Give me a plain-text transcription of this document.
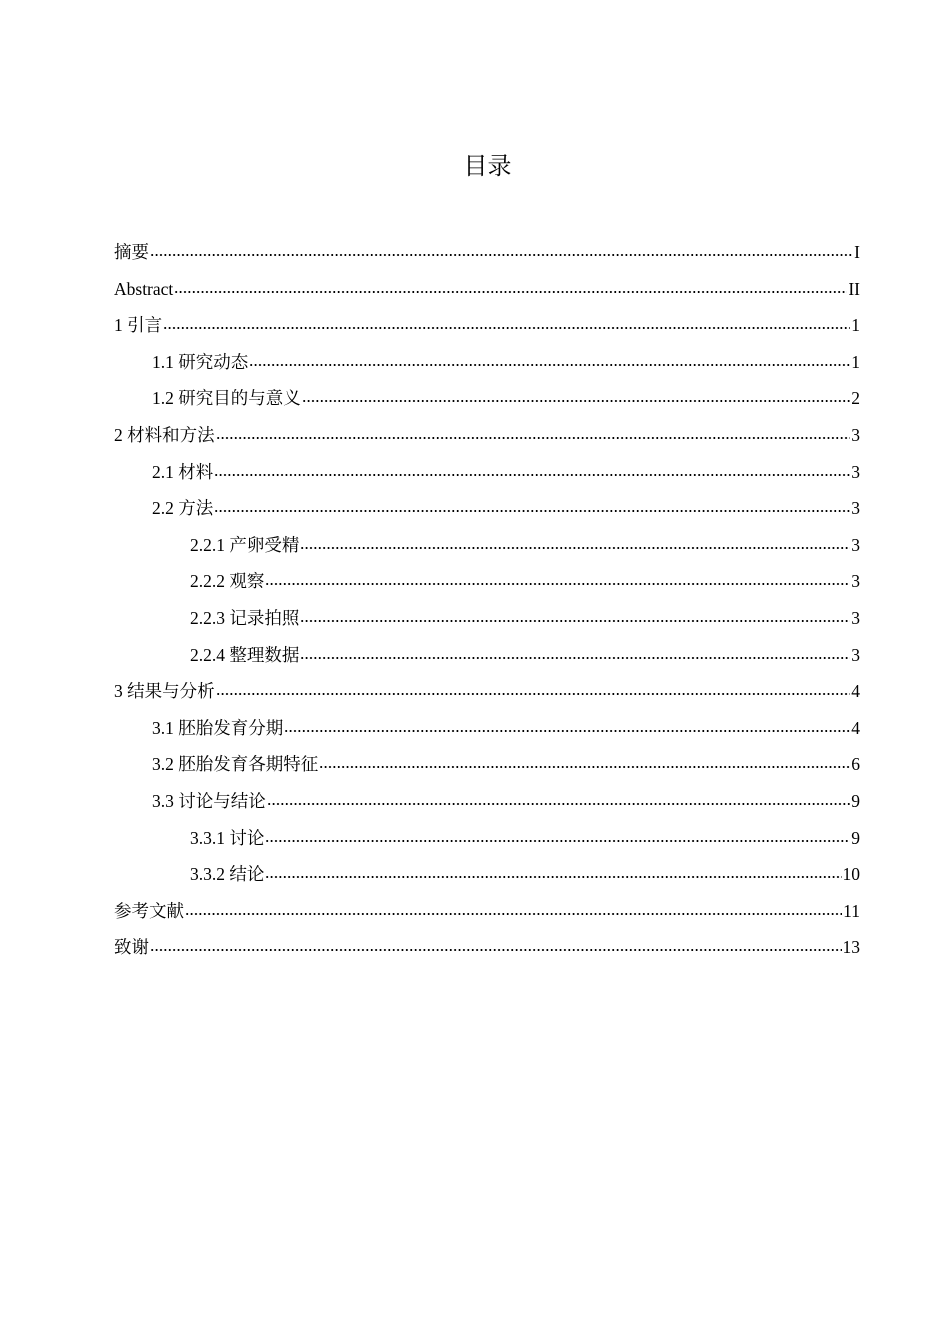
目录
摘要	I
Abstract	II
1 引言	1
1.1 研究动态	1
1.2 研究目的与意义	2
2 材料和方法	3
2.1 材料	3
2.2 方法	3
2.2.1 产卵受精	3
2.2.2 观察	3
2.2.3 记录拍照	3
2.2.4 整理数据	3
3 结果与分析	4
3.1 胚胎发育分期	4
3.2 胚胎发育各期特征	6
3.3 讨论与结论	9
3.3.1 讨论	9
3.3.2 结论	10
参考文献	11
致谢	13
